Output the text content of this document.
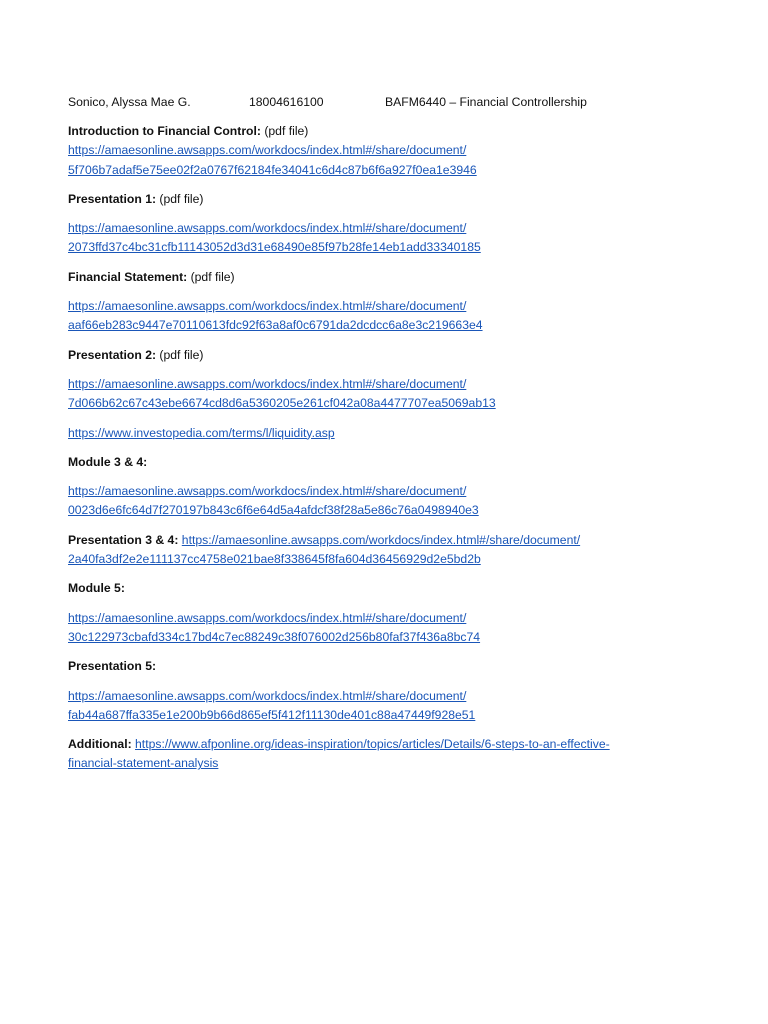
Sonico, Alyssa Mae G.	18004616100	BAFM6440 – Financial Controllership
Introduction to Financial Control: (pdf file)
https://amaesonline.awsapps.com/workdocs/index.html#/share/document/
5f706b7adaf5e75ee02f2a0767f62184fe34041c6d4c87b6f6a927f0ea1e3946
Presentation 1: (pdf file)
https://amaesonline.awsapps.com/workdocs/index.html#/share/document/
2073ffd37c4bc31cfb11143052d3d31e68490e85f97b28fe14eb1add33340185
Financial Statement: (pdf file)
https://amaesonline.awsapps.com/workdocs/index.html#/share/document/
aaf66eb283c9447e70110613fdc92f63a8af0c6791da2dcdcc6a8e3c219663e4
Presentation 2: (pdf file)
https://amaesonline.awsapps.com/workdocs/index.html#/share/document/
7d066b62c67c43ebe6674cd8d6a5360205e261cf042a08a4477707ea5069ab13
https://www.investopedia.com/terms/l/liquidity.asp
Module 3 & 4:
https://amaesonline.awsapps.com/workdocs/index.html#/share/document/
0023d6e6fc64d7f270197b843c6f6e64d5a4afdcf38f28a5e86c76a0498940e3
Presentation 3 & 4: https://amaesonline.awsapps.com/workdocs/index.html#/share/document/
2a40fa3df2e2e111137cc4758e021bae8f338645f8fa604d36456929d2e5bd2b
Module 5:
https://amaesonline.awsapps.com/workdocs/index.html#/share/document/
30c122973cbafd334c17bd4c7ec88249c38f076002d256b80faf37f436a8bc74
Presentation 5:
https://amaesonline.awsapps.com/workdocs/index.html#/share/document/
fab44a687ffa335e1e200b9b66d865ef5f412f11130de401c88a47449f928e51
Additional: https://www.afponline.org/ideas-inspiration/topics/articles/Details/6-steps-to-an-effective-
financial-statement-analysis
